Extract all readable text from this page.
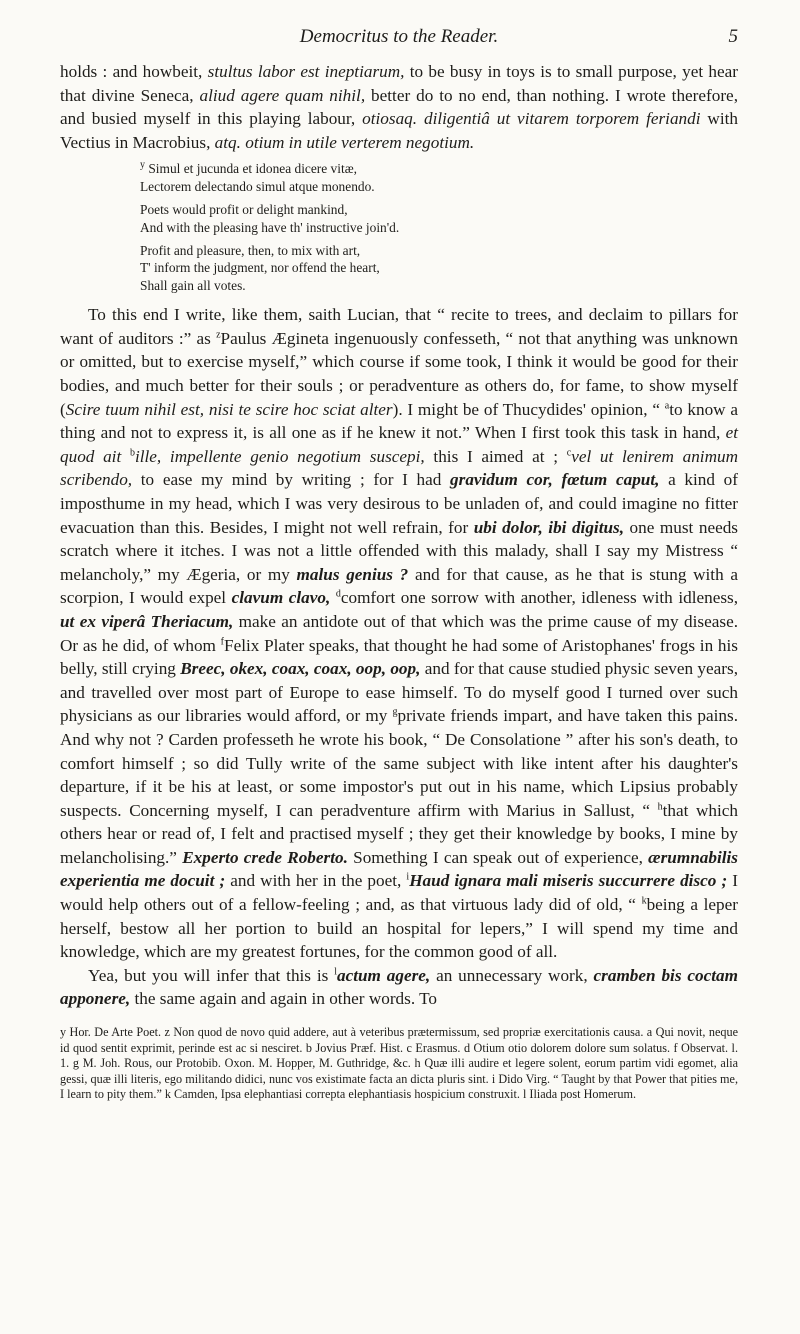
Democritus to the Reader.	5

holds : and howbeit, stultus labor est ineptiarum, to be busy in toys is to small purpose, yet hear that divine Seneca, aliud agere quam nihil, better do to no end, than nothing. I wrote therefore, and busied myself in this playing labour, otiosaq. diligentiâ ut vitarem torporem feriandi with Vectius in Macrobius, atq. otium in utile verterem negotium.

$^y$ Simul et jucunda et idonea dicere vitæ,
Lectorem delectando simul atque monendo.
Poets would profit or delight mankind,
And with the pleasing have th' instructive join'd.
Profit and pleasure, then, to mix with art,
T' inform the judgment, nor offend the heart,
Shall gain all votes.

To this end I write, like them, saith Lucian, that “ recite to trees, and declaim to pillars for want of auditors :” as $^z$Paulus Ægineta ingenuously confesseth, “ not that anything was unknown or omitted, but to exercise myself,” which course if some took, I think it would be good for their bodies, and much better for their souls ; or peradventure as others do, for fame, to show myself (Scire tuum nihil est, nisi te scire hoc sciat alter). I might be of Thucydides' opinion, “ $^a$to know a thing and not to express it, is all one as if he knew it not.” When I first took this task in hand, et quod ait $^b$ille, impellente genio negotium suscepi, this I aimed at ; $^c$vel ut lenirem animum scribendo, to ease my mind by writing ; for I had gravidum cor, fœtum caput, a kind of imposthume in my head, which I was very desirous to be unladen of, and could imagine no fitter evacuation than this. Besides, I might not well refrain, for ubi dolor, ibi digitus, one must needs scratch where it itches. I was not a little offended with this malady, shall I say my Mistress “ melancholy,” my Ægeria, or my malus genius ? and for that cause, as he that is stung with a scorpion, I would expel clavum clavo, $^d$comfort one sorrow with another, idleness with idleness, ut ex viperâ Theriacum, make an antidote out of that which was the prime cause of my disease. Or as he did, of whom $^f$Felix Plater speaks, that thought he had some of Aristophanes' frogs in his belly, still crying Breec, okex, coax, coax, oop, oop, and for that cause studied physic seven years, and travelled over most part of Europe to ease himself. To do myself good I turned over such physicians as our libraries would afford, or my $^g$private friends impart, and have taken this pains. And why not ? Carden professeth he wrote his book, “ De Consolatione ” after his son's death, to comfort himself ; so did Tully write of the same subject with like intent after his daughter's departure, if it be his at least, or some impostor's put out in his name, which Lipsius probably suspects. Concerning myself, I can peradventure affirm with Marius in Sallust, “ $^h$that which others hear or read of, I felt and practised myself ; they get their knowledge by books, I mine by melancholising.” Experto crede Roberto. Something I can speak out of experience, ærumnabilis experientia me docuit ; and with her in the poet, $^i$Haud ignara mali miseris succurrere disco ; I would help others out of a fellow-feeling ; and, as that virtuous lady did of old, “ $^k$being a leper herself, bestow all her portion to build an hospital for lepers,” I will spend my time and knowledge, which are my greatest fortunes, for the common good of all.

Yea, but you will infer that this is $^l$actum agere, an unnecessary work, cramben bis coctam apponere, the same again and again in other words. To

y Hor. De Arte Poet. z Non quod de novo quid addere, aut à veteribus prætermissum, sed propriæ exercitationis causa. a Qui novit, neque id quod sentit exprimit, perinde est ac si nesciret. b Jovius Præf. Hist. c Erasmus. d Otium otio dolorem dolore sum solatus. f Observat. l. 1. g M. Joh. Rous, our Protobib. Oxon. M. Hopper, M. Guthridge, &c. h Quæ illi audire et legere solent, eorum partim vidi egomet, alia gessi, quæ illi literis, ego militando didici, nunc vos existimate facta an dicta pluris sint. i Dido Virg. “ Taught by that Power that pities me, I learn to pity them.” k Camden, Ipsa elephantiasi correpta elephantiasis hospicium construxit. l Iliada post Homerum.
